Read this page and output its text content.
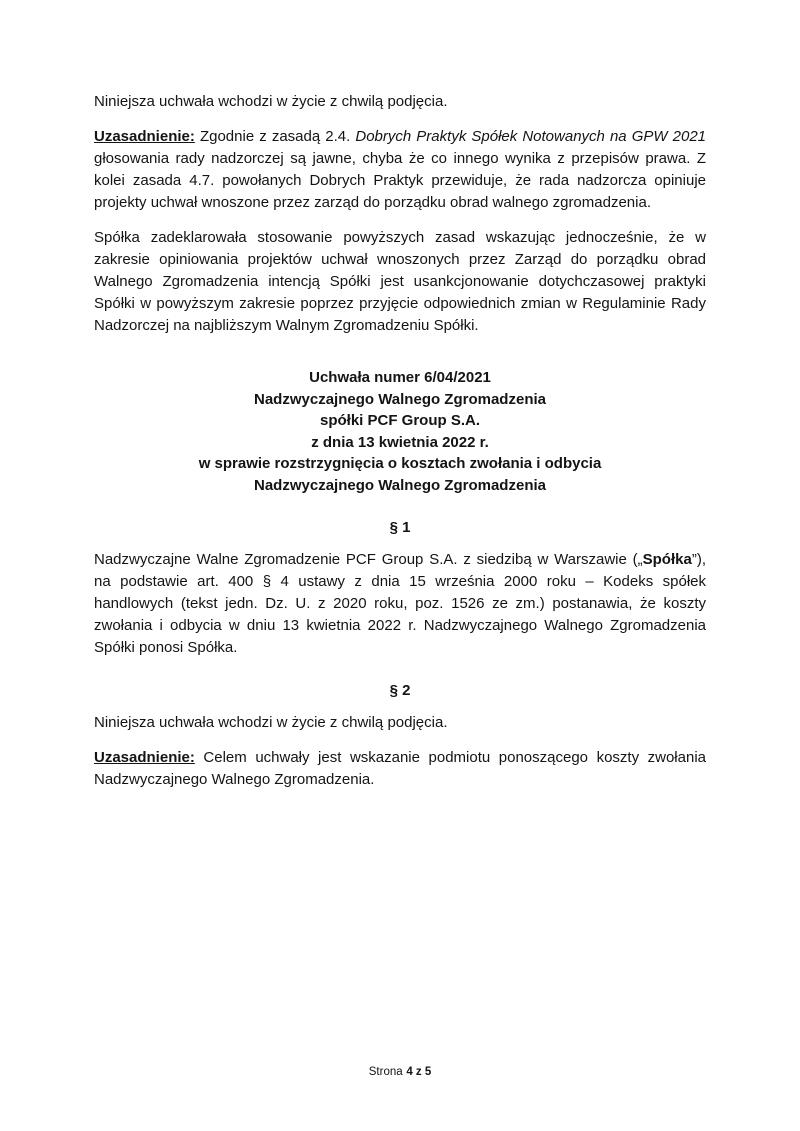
Niniejsza uchwała wchodzi w życie z chwilą podjęcia.

Uzasadnienie: Zgodnie z zasadą 2.4. Dobrych Praktyk Spółek Notowanych na GPW 2021 głosowania rady nadzorczej są jawne, chyba że co innego wynika z przepisów prawa. Z kolei zasada 4.7. powołanych Dobrych Praktyk przewiduje, że rada nadzorcza opiniuje projekty uchwał wnoszone przez zarząd do porządku obrad walnego zgromadzenia.

Spółka zadeklarowała stosowanie powyższych zasad wskazując jednocześnie, że w zakresie opiniowania projektów uchwał wnoszonych przez Zarząd do porządku obrad Walnego Zgromadzenia intencją Spółki jest usankcjonowanie dotychczasowej praktyki Spółki w powyższym zakresie poprzez przyjęcie odpowiednich zmian w Regulaminie Rady Nadzorczej na najbliższym Walnym Zgromadzeniu Spółki.

Uchwała numer 6/04/2021
Nadzwyczajnego Walnego Zgromadzenia
spółki PCF Group S.A.
z dnia 13 kwietnia 2022 r.
w sprawie rozstrzygnięcia o kosztach zwołania i odbycia
Nadzwyczajnego Walnego Zgromadzenia
§ 1

Nadzwyczajne Walne Zgromadzenie PCF Group S.A. z siedzibą w Warszawie („Spółka”), na podstawie art. 400 § 4 ustawy z dnia 15 września 2000 roku – Kodeks spółek handlowych (tekst jedn. Dz. U. z 2020 roku, poz. 1526 ze zm.) postanawia, że koszty zwołania i odbycia w dniu 13 kwietnia 2022 r. Nadzwyczajnego Walnego Zgromadzenia Spółki ponosi Spółka.

§ 2

Niniejsza uchwała wchodzi w życie z chwilą podjęcia.

Uzasadnienie: Celem uchwały jest wskazanie podmiotu ponoszącego koszty zwołania Nadzwyczajnego Walnego Zgromadzenia.

Strona 4 z 5
